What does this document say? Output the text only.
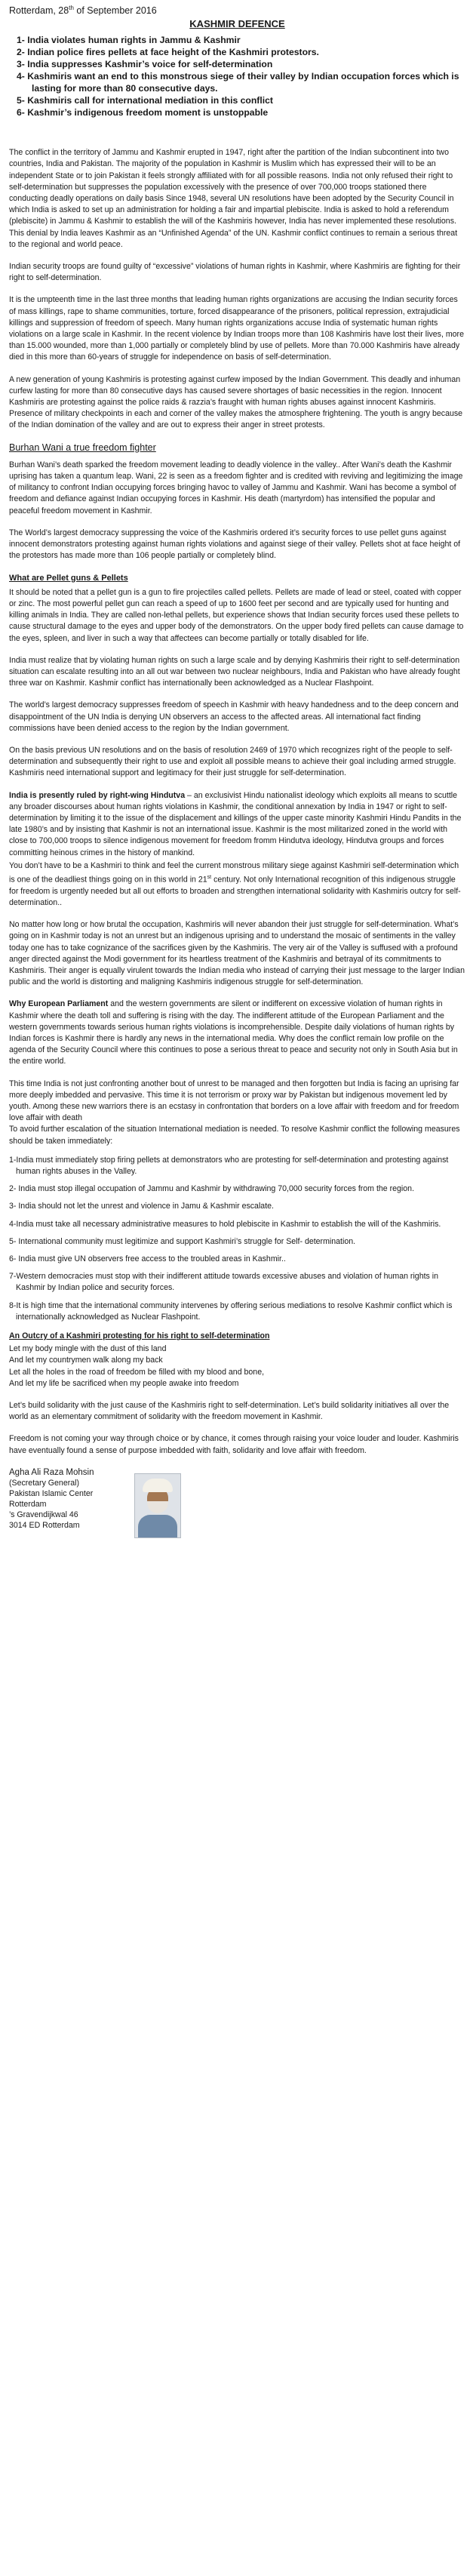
Rotterdam, 28th of September 2016
KASHMIR DEFENCE
1- India violates human rights in Jammu & Kashmir
2- Indian police fires pellets at face height of the Kashmiri protestors.
3- India suppresses Kashmir’s voice for self-determination
4- Kashmiris want an end to this monstrous siege of their valley by Indian occupation forces which is lasting for more than 80 consecutive days.
5- Kashmiris call for international mediation in this conflict
6- Kashmir’s indigenous freedom moment is unstoppable

The conflict in the territory of Jammu and Kashmir erupted in 1947, right after the partition of the Indian subcontinent into two countries, India and Pakistan. The majority of the population in Kashmir is Muslim which has expressed their will to be an independent State or to join Pakistan it feels strongly affiliated with for all possible reasons. India not only refused their right to self-determination but suppresses the population excessively with the presence of over 700,000 troops stationed there conducting deadly operations on daily basis Since 1948, several UN resolutions have been adopted by the Security Council in which India is asked to set up an administration for holding a fair and impartial plebiscite. India is asked to hold a referendum (plebiscite) in Jammu & Kashmir to establish the will of the Kashmiris however, India has never implemented these resolutions. This denial by India leaves Kashmir as an “Unfinished Agenda” of the UN. Kashmir conflict continues to remain a serious threat to the regional and world peace.

Indian security troops are found guilty of “excessive” violations of human rights in Kashmir, where Kashmiris are fighting for their right to self-determination.

It is the umpteenth time in the last three months that leading human rights organizations are accusing the Indian security forces of mass killings, rape to shame communities, torture, forced disappearance of the prisoners, political repression, extrajudicial killings and suppression of freedom of speech. Many human rights organizations accuse India of systematic human rights violations on a large scale in Kashmir. In the recent violence by Indian troops more than 108 Kashmiris have lost their lives, more than 15.000 wounded, more than 1,000 partially or completely blind by use of pellets. More than 70.000 Kashmiris have already died in this more than 60-years of struggle for independence on basis of self-determination.

A new generation of young Kashmiris is protesting against curfew imposed by the Indian Government. This deadly and inhuman curfew lasting for more than 80 consecutive days has caused severe shortages of basic necessities in the region. Innocent Kashmiris are protesting against the police raids & razzia’s fraught with human rights abuses against innocent Kashmiris. Presence of military checkpoints in each and corner of the valley makes the atmosphere frightening. The youth is angry because of the Indian domination of the valley and are out to express their anger in street protests.

Burhan Wani a true freedom fighter

Burhan Wani’s death sparked the freedom movement leading to deadly violence in the valley.. After Wani’s death the Kashmir uprising has taken a quantum leap. Wani, 22 is seen as a freedom fighter and is credited with reviving and legitimizing the image of militancy to confront Indian occupying forces bringing havoc to valley of Jammu and Kashmir. Wani has become a symbol of freedom and defiance against Indian occupying forces in Kashmir. His death (martyrdom) has intensified the popular and peaceful freedom movement in Kashmir.

The World’s largest democracy suppressing the voice of the Kashmiris ordered it’s security forces to use pellet guns against innocent demonstrators protesting against human rights violations and against siege of their valley. Pellets shot at face height of the protestors has made more than 106 people partially or completely blind.

What are Pellet guns & Pellets

It should be noted that a pellet gun is a gun to fire projectiles called pellets. Pellets are made of lead or steel, coated with copper or zinc. The most powerful pellet gun can reach a speed of up to 1600 feet per second and are typically used for hunting and killing animals in India. They are called non-lethal pellets, but experience shows that Indian security forces used these pellets to cause structural damage to the eyes and upper body of the demonstrators. On the upper body fired pellets can cause damage to the eyes, spleen, and liver in such a way that affectees can become partially or totally disabled for life.

India must realize that by violating human rights on such a large scale and by denying Kashmiris their right to self-determination situation can escalate resulting into an all out war between two nuclear neighbours, India and Pakistan who have already fought three war on Kashmir. Kashmir conflict has internationally been acknowledged as a Nuclear Flashpoint.

The world’s largest democracy suppresses freedom of speech in Kashmir with heavy handedness and to the deep concern and disappointment of the UN India is denying UN observers an access to the affected areas. All international fact finding commissions have been denied access to the region by the Indian government.

On the basis previous UN resolutions and on the basis of resolution 2469 of 1970 which recognizes right of the people to self-determination and subsequently their right to use and exploit all possible means to achieve their goal including armed struggle. Kashmiris need international support and legitimacy for their just struggle for self-determination.

India is presently ruled by right-wing Hindutva – an exclusivist Hindu nationalist ideology which exploits all means to scuttle any broader discourses about human rights violations in Kashmir, the conditional annexation by India in 1947 or right to self-determination by limiting it to the issue of the displacement and killings of the upper caste minority Kashmiri Hindu Pandits in the late 1980’s and by insisting that Kashmir is not an international issue. Kashmir is the most militarized zoned in the world with close to 700,000 troops to silence indigenous movement for freedom fromm Hindutva ideology, Hindutva groups and forces committing heinous crimes in the history of mankind.

You don’t have to be a Kashmiri to think and feel the current monstrous military siege against Kashmiri self-determination which is one of the deadliest things going on in this world in 21st century. Not only International recognition of this indigenous struggle for freedom is urgently needed but all out efforts to broaden and strengthen international solidarity with Kashmiris outcry for self-determination..

No matter how long or how brutal the occupation, Kashmiris will never abandon their just struggle for self-determination. What’s going on in Kashmir today is not an unrest but an indigenous uprising and to understand the mosaic of sentiments in the valley today one has to take cognizance of the sacrifices given by the Kashmiris. The very air of the Valley is suffused with a profound anger directed against the Modi government for its heartless treatment of the Kashmiris and betrayal of its commitments to Kashmiris. Their anger is equally virulent towards the Indian media who instead of carrying their just message to the larger Indian public and the world is distorting and maligning Kashmiris indigenous struggle for self-determination.

Why European Parliament and the western governments are silent or indifferent on excessive violation of human rights in Kashmir where the death toll and suffering is rising with the day. The indifferent attitude of the European Parliament and the western governments towards serious human rights violations is incomprehensible. Despite daily violations of human rights by Indian forces is Kashmir there is hardly any news in the international media. Why does the conflict remain low profile on the agenda of the Security Council where this continues to pose a serious threat to peace and security not only in South Asia but in the entire world.
This time India is not just confronting another bout of unrest to be managed and then forgotten but India is facing an uprising far more deeply imbedded and pervasive. This time it is not terrorism or proxy war by Pakistan but indigenous movement led by youth. Among these new warriors there is an ecstasy in confrontation that borders on a love affair with freedom and for freedom love affair with death
To avoid further escalation of the situation International mediation is needed. To resolve Kashmir conflict the following measures should be taken immediately:
1-India must immediately stop firing pellets at demonstrators who are protesting for self-determination and protesting against human rights abuses in the Valley.
2- India must stop illegal occupation of Jammu and Kashmir by withdrawing 70,000 security forces from the region.
3- India should not let the unrest and violence in Jamu & Kashmir escalate.
4-India must take all necessary administrative measures to hold plebiscite in Kashmir to establish the will of the Kashmiris.
5- International community must legitimize and support Kashmiri’s struggle for Self- determination.
6- India must give UN observers free access to the troubled areas in Kashmir..
7-Western democracies must stop with their indifferent attitude towards excessive abuses and violation of human rights in Kashmir by Indian police and security forces.
8-It is high time that the international community intervenes by offering serious mediations to resolve Kashmir conflict which is internationally acknowledged as Nuclear Flashpoint.
An Outcry of a Kashmiri protesting for his right to self-determination
Let my body mingle with the dust of this land
And let my countrymen walk along my back
Let all the holes in the road of freedom be filled with my blood and bone,
And let my life be sacrificed when my people awake into freedom

Let’s build solidarity with the just cause of the Kashmiris right to self-determination. Let’s build solidarity initiatives all over the world as an elementary commitment of solidarity with the freedom movement in Kashmir.

Freedom is not coming your way through choice or by chance, it comes through raising your voice louder and louder. Kashmiris have eventually found a sense of purpose imbedded with faith, solidarity and love affair with freedom.

Agha Ali Raza Mohsin
(Secretary General)
Pakistan Islamic Center Rotterdam
’s Gravendijkwal 46
3014 ED Rotterdam
